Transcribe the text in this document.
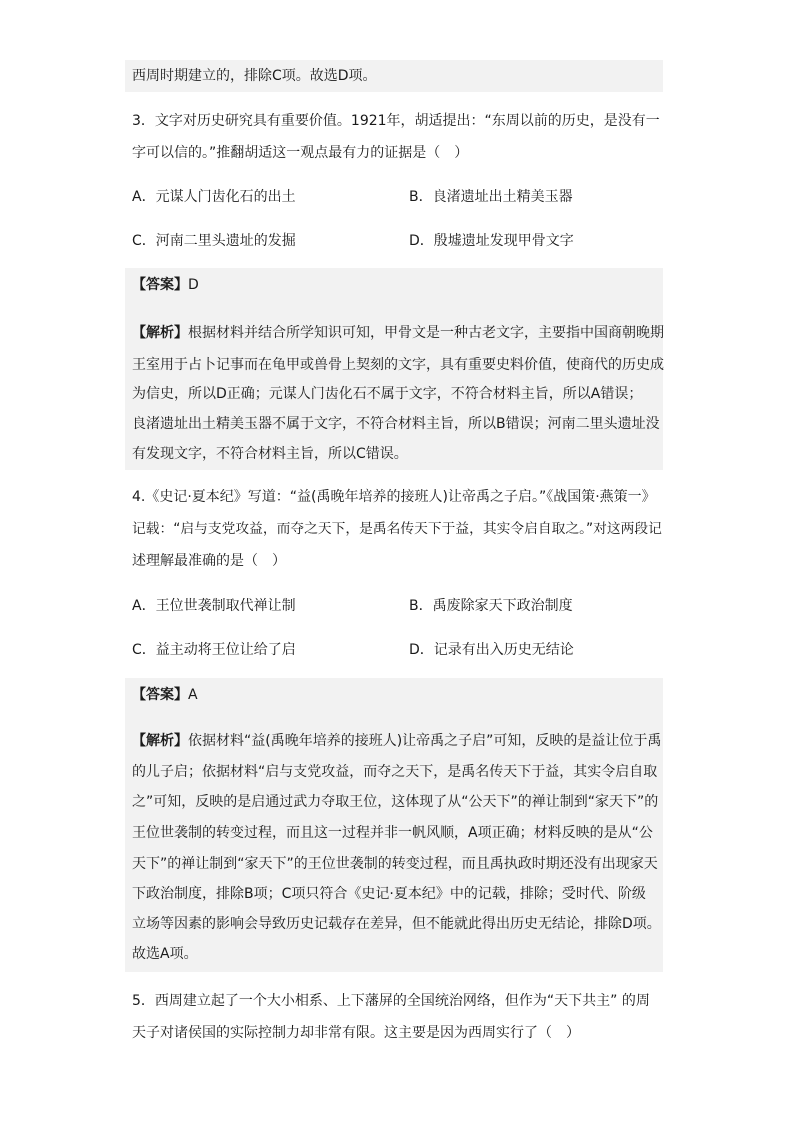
西周时期建立的，排除C项。故选D项。
3．文字对历史研究具有重要价值。1921年，胡适提出：“东周以前的历史，是没有一
字可以信的。”推翻胡适这一观点最有力的证据是（　）
A．元谋人门齿化石的出土	B．良渚遗址出土精美玉器
C．河南二里头遗址的发掘	D．殷墟遗址发现甲骨文字
【答案】D
【解析】根据材料并结合所学知识可知，甲骨文是一种古老文字，主要指中国商朝晚期
王室用于占卜记事而在龟甲或兽骨上契刻的文字，具有重要史料价值，使商代的历史成
为信史，所以D正确；元谋人门齿化石不属于文字，不符合材料主旨，所以A错误；
良渚遗址出土精美玉器不属于文字，不符合材料主旨，所以B错误；河南二里头遗址没
有发现文字，不符合材料主旨，所以C错误。
4.《史记·夏本纪》写道：“益(禹晚年培养的接班人)让帝禹之子启。”《战国策·燕策一》
记载：“启与支党攻益，而夺之天下，是禹名传天下于益，其实令启自取之。”对这两段记
述理解最准确的是（　）
A．王位世袭制取代禅让制	B．禹废除家天下政治制度
C．益主动将王位让给了启	D．记录有出入历史无结论
【答案】A
【解析】依据材料“益(禹晚年培养的接班人)让帝禹之子启”可知，反映的是益让位于禹
的儿子启；依据材料“启与支党攻益，而夺之天下，是禹名传天下于益，其实令启自取
之”可知，反映的是启通过武力夺取王位，这体现了从“公天下”的禅让制到“家天下”的
王位世袭制的转变过程，而且这一过程并非一帆风顺，A项正确；材料反映的是从“公
天下”的禅让制到“家天下”的王位世袭制的转变过程，而且禹执政时期还没有出现家天
下政治制度，排除B项；C项只符合《史记·夏本纪》中的记载，排除；受时代、阶级
立场等因素的影响会导致历史记载存在差异，但不能就此得出历史无结论，排除D项。
故选A项。
5．西周建立起了一个大小相系、上下藩屏的全国统治网络，但作为“天下共主” 的周
天子对诸侯国的实际控制力却非常有限。这主要是因为西周实行了（　）
